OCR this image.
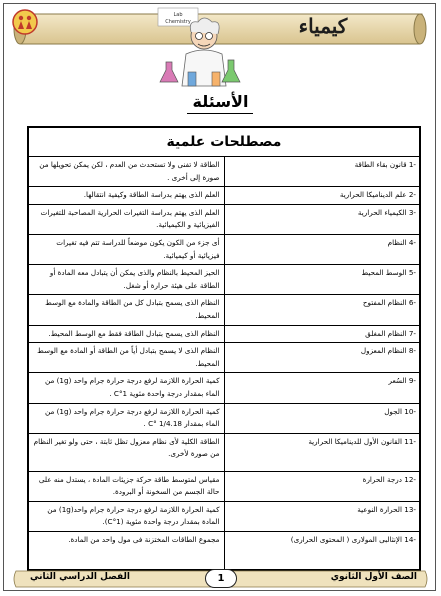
كيمياء
Lab
Chemistry
الأسئلة
مصطلحات علمية	
-1 قانون بقاء الطاقة	الطاقة لا تفنى ولا تستحدث من العدم ، لكن يمكن تحويلها من صورة إلى أخرى .
-2 علم الديناميكا الحرارية	العلم الذى يهتم بدراسة الطاقة وكيفية انتقالها.
-3 الكيمياء الحرارية	العلم الذى يهتم بدراسة التغيرات الحرارية المصاحبة للتغيرات الفيزيائية و الكيميائية.
-4 النظام	أى جزء من الكون يكون موضعاً للدراسة تتم فيه تغيرات فيزيائية أو كيميائية.
-5 الوسط المحيط	الحيز المحيط بالنظام والذى يمكن أن يتبادل معه المادة أو الطاقة على هيئة حرارة أو شغل.
-6 النظام المفتوح	النظام الذى يسمح بتبادل كل من الطاقة والمادة مع الوسط المحيط.
-7 النظام المغلق	النظام الذى يسمح بتبادل الطاقة فقط مع الوسط المحيط.
-8 النظام المعزول	النظام الذى لا يسمح بتبادل أياً من الطاقة أو المادة مع الوسط المحيط.
-9 السُعر	كمية الحرارة اللازمة لرفع درجة حرارة جرام واحد (1g) من الماء بمقدار درجة واحدة مئوية 1°C .
-10 الجول	كمية الحرارة اللازمة لرفع درجة حرارة جرام واحد (1g) من الماء بمقدار 1/4.18 °C .
-11 القانون الأول للديناميكا الحرارية	الطاقة الكلية لأى نظام معزول تظل ثابتة ، حتى ولو تغير النظام من صورة لأخرى.
-12 درجة الحرارة	مقياس لمتوسط طاقة حركة جزيئات المادة ، يستدل منه على حالة الجسم من السخونة أو البرودة.
-13 الحرارة النوعية	كمية الحرارة اللازمة لرفع درجة حرارة جرام واحد(1g) من المادة بمقدار درجة واحدة مئوية (1°C).
-14 الإنثالبى المولارى ( المحتوى الحرارى)	مجموع الطاقات المختزنة فى مول واحد من المادة.
الصف الأول الثانوي
1
الفصل الدراسي الثاني
